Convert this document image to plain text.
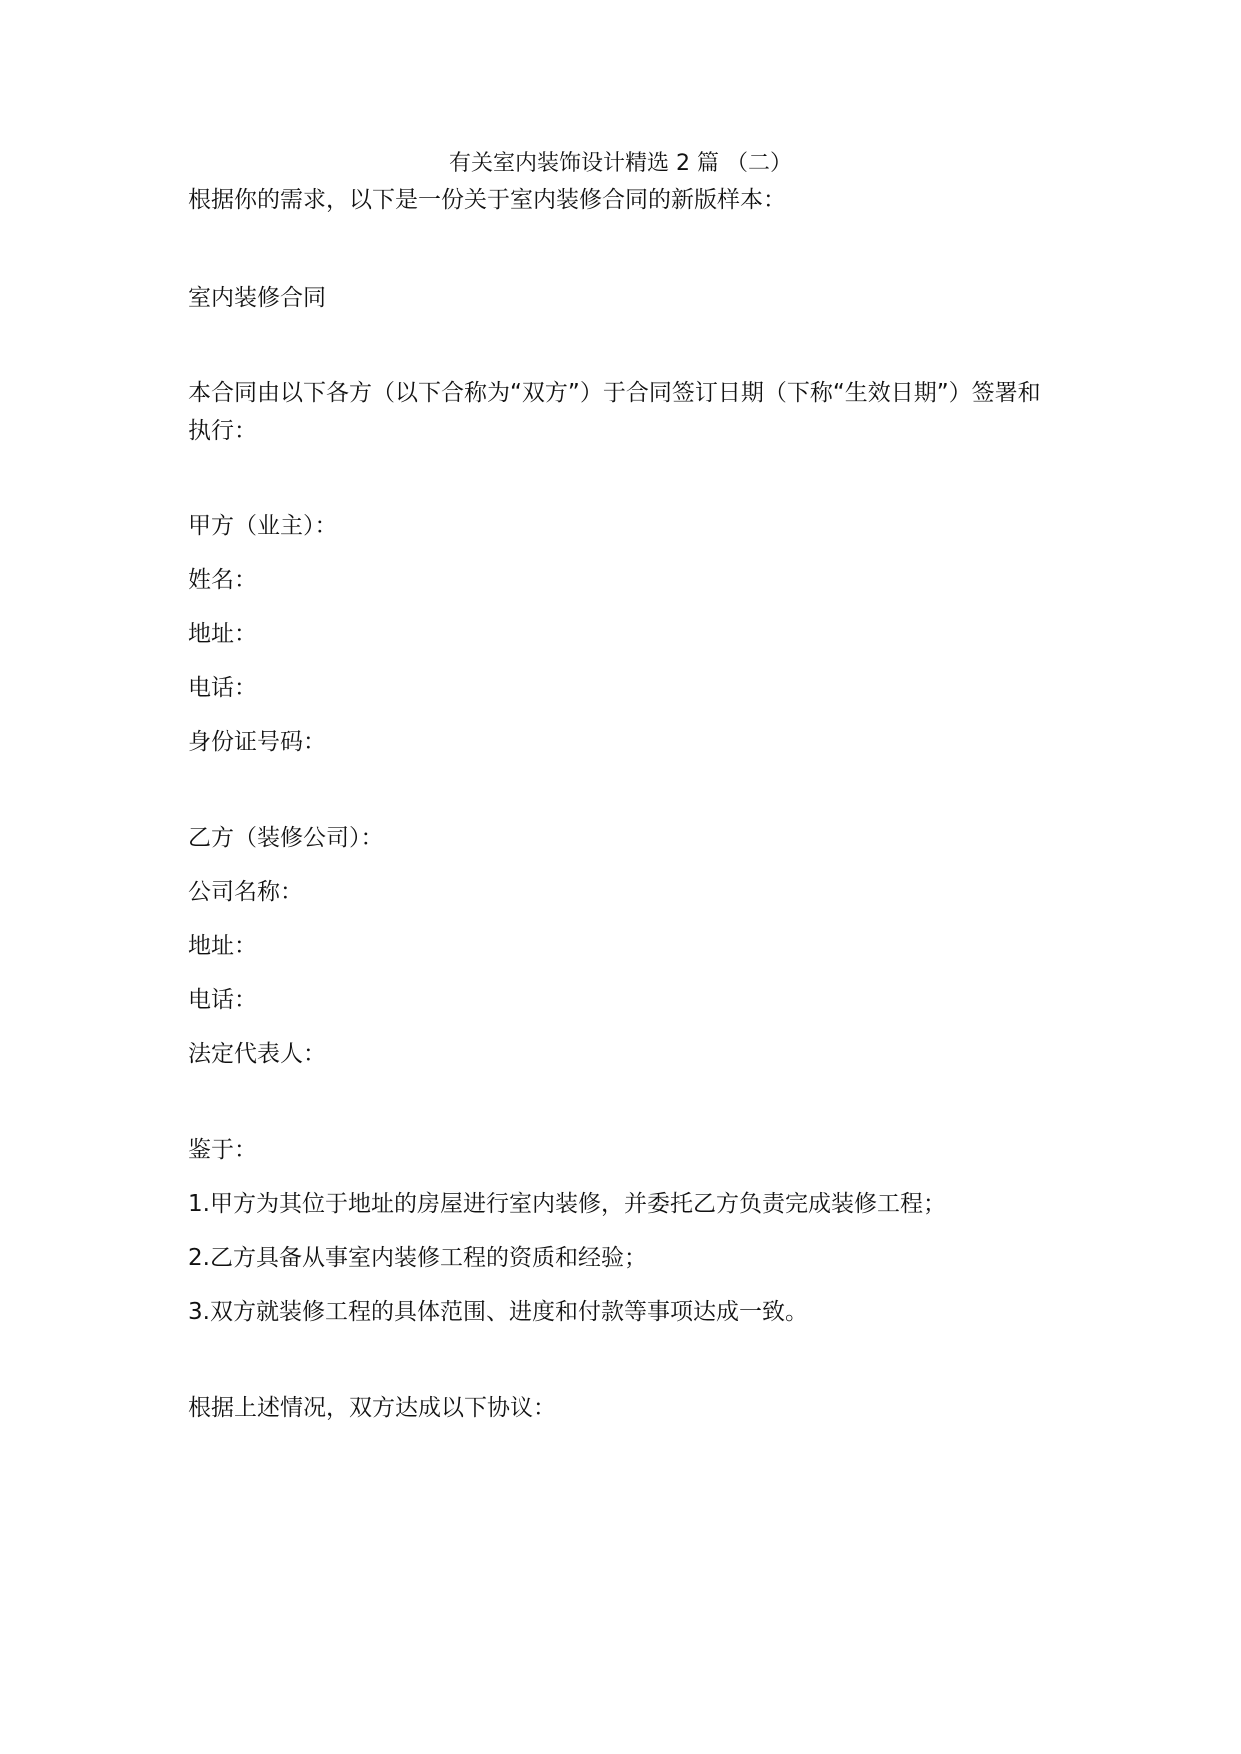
有关室内装饰设计精选 2 篇 （二）
根据你的需求，以下是一份关于室内装修合同的新版样本：
室内装修合同
本合同由以下各方（以下合称为“双方”）于合同签订日期（下称“生效日期”）签署和执行：
甲方（业主）：
姓名：
地址：
电话：
身份证号码：
乙方（装修公司）：
公司名称：
地址：
电话：
法定代表人：
鉴于：
1.甲方为其位于地址的房屋进行室内装修，并委托乙方负责完成装修工程；
2.乙方具备从事室内装修工程的资质和经验；
3.双方就装修工程的具体范围、进度和付款等事项达成一致。
根据上述情况，双方达成以下协议：
